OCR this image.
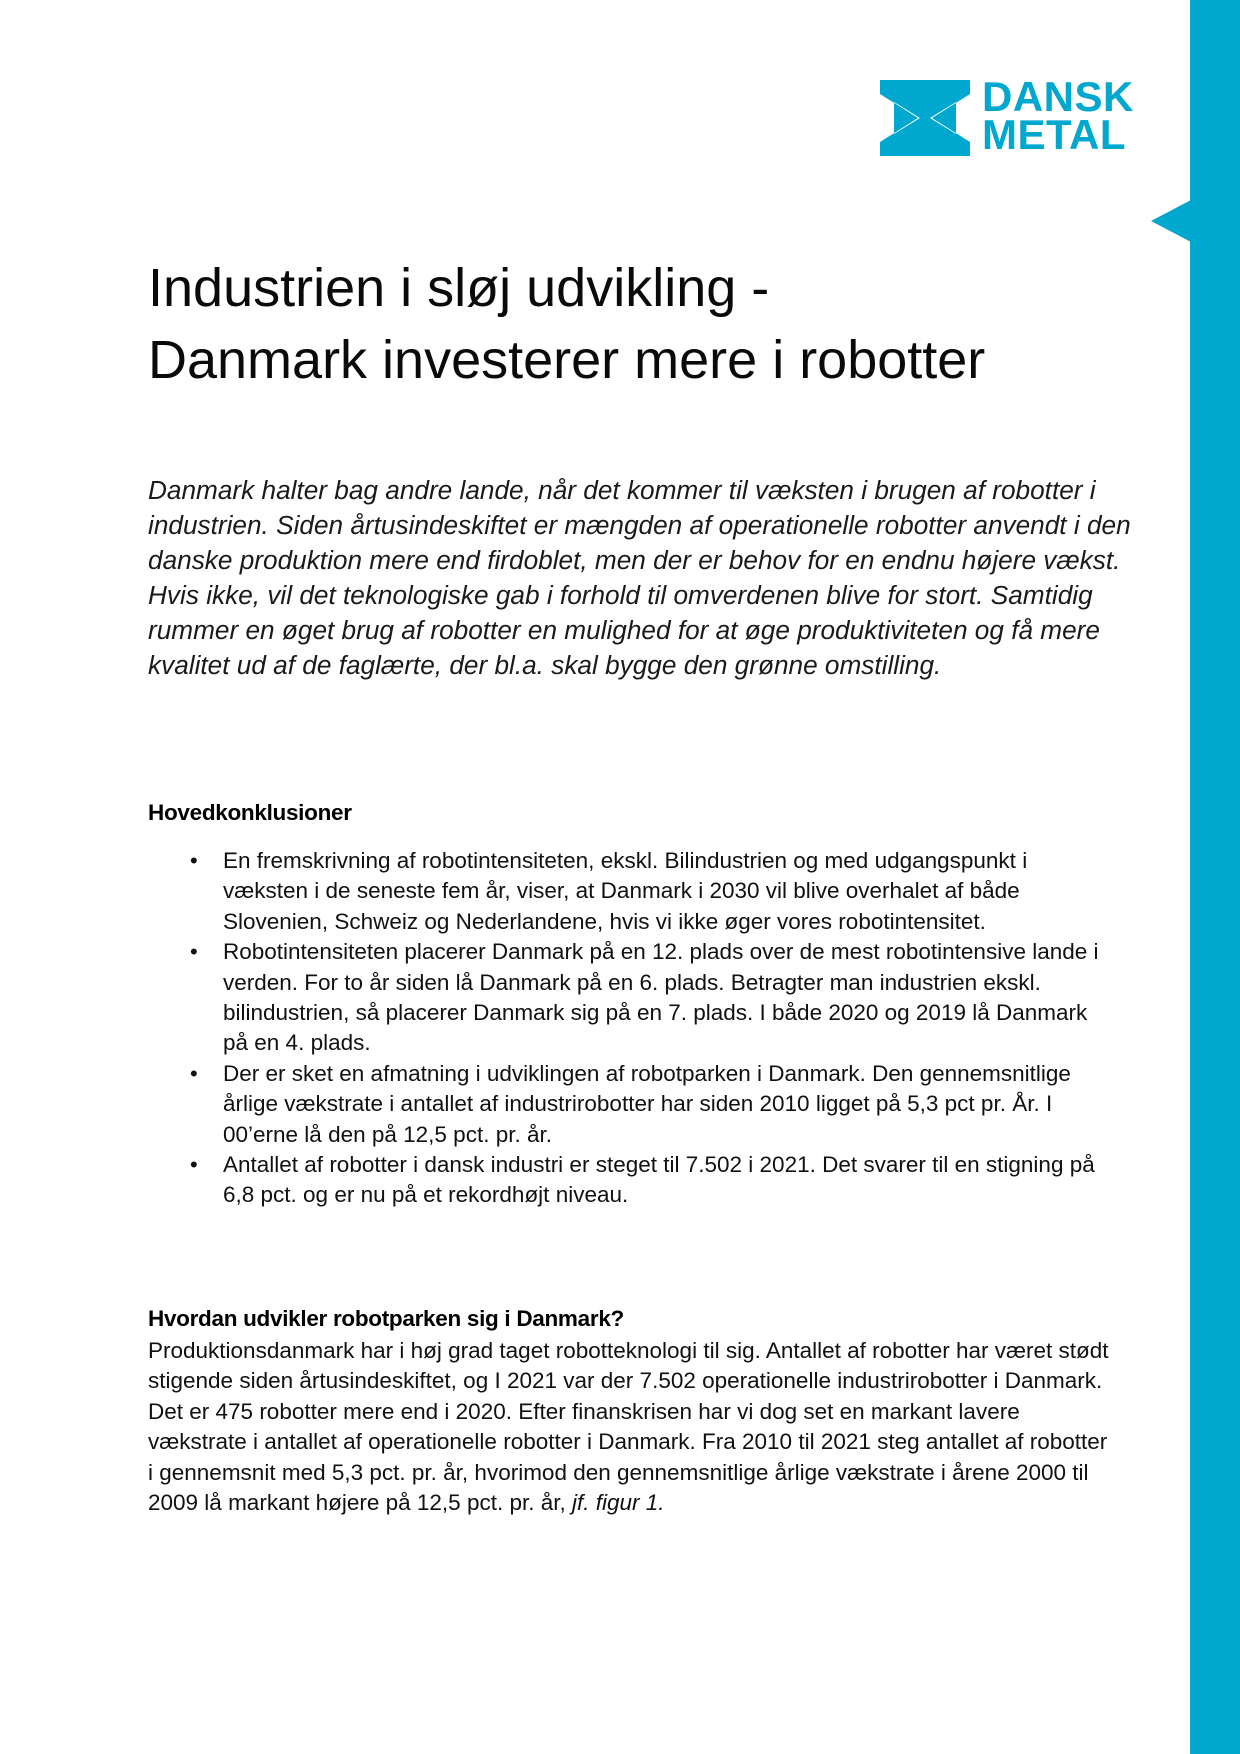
DANSK
METAL
Industrien i sløj udvikling -
Danmark investerer mere i robotter

Danmark halter bag andre lande, når det kommer til væksten i brugen af robotter i industrien. Siden årtusindeskiftet er mængden af operationelle robotter anvendt i den danske produktion mere end firdoblet, men der er behov for en endnu højere vækst. Hvis ikke, vil det teknologiske gab i forhold til omverdenen blive for stort. Samtidig rummer en øget brug af robotter en mulighed for at øge produktiviteten og få mere kvalitet ud af de faglærte, der bl.a. skal bygge den grønne omstilling.

Hovedkonklusioner
• En fremskrivning af robotintensiteten, ekskl. Bilindustrien og med udgangspunkt i væksten i de seneste fem år, viser, at Danmark i 2030 vil blive overhalet af både Slovenien, Schweiz og Nederlandene, hvis vi ikke øger vores robotintensitet.
• Robotintensiteten placerer Danmark på en 12. plads over de mest robotintensive lande i verden. For to år siden lå Danmark på en 6. plads. Betragter man industrien ekskl. bilindustrien, så placerer Danmark sig på en 7. plads. I både 2020 og 2019 lå Danmark på en 4. plads.
• Der er sket en afmatning i udviklingen af robotparken i Danmark. Den gennemsnitlige årlige vækstrate i antallet af industrirobotter har siden 2010 ligget på 5,3 pct pr. År. I 00’erne lå den på 12,5 pct. pr. år.
• Antallet af robotter i dansk industri er steget til 7.502 i 2021. Det svarer til en stigning på 6,8 pct. og er nu på et rekordhøjt niveau.
Hvordan udvikler robotparken sig i Danmark?

Produktionsdanmark har i høj grad taget robotteknologi til sig. Antallet af robotter har været stødt stigende siden årtusindeskiftet, og I 2021 var der 7.502 operationelle industrirobotter i Danmark. Det er 475 robotter mere end i 2020. Efter finanskrisen har vi dog set en markant lavere vækstrate i antallet af operationelle robotter i Danmark. Fra 2010 til 2021 steg antallet af robotter i gennemsnit med 5,3 pct. pr. år, hvorimod den gennemsnitlige årlige vækstrate i årene 2000 til 2009 lå markant højere på 12,5 pct. pr. år, jf. figur 1.
